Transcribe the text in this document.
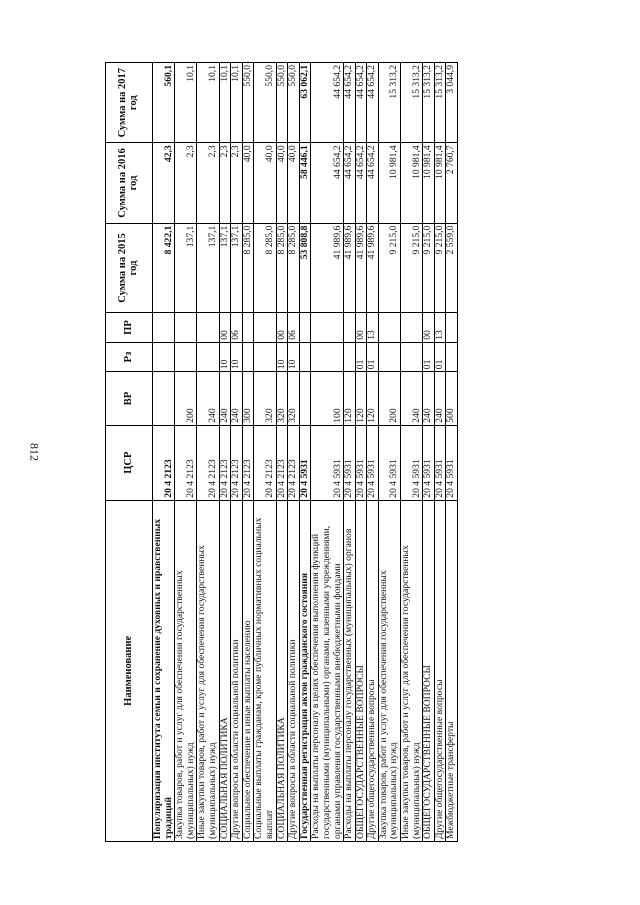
812
Наименование	ЦСР	ВР	Рз	ПР	Сумма на 2015 год	Сумма на 2016 год	Сумма на 2017 год
Популяризация института семьи и сохранение духовных и нравственных традиций	20 4 2123				8 422,1	42,3	560,1
Закупка товаров, работ и услуг для обеспечения государственных (муниципальных) нужд	20 4 2123	200			137,1	2,3	10,1
Иные закупки товаров, работ и услуг для обеспечения государственных (муниципальных) нужд	20 4 2123	240			137,1	2,3	10,1
СОЦИАЛЬНАЯ ПОЛИТИКА	20 4 2123	240	10	00	137,1	2,3	10,1
Другие вопросы в области социальной политики	20 4 2123	240	10	06	137,1	2,3	10,1
Социальное обеспечение и иные выплаты населению	20 4 2123	300			8 285,0	40,0	550,0
Социальные выплаты гражданам, кроме публичных нормативных социальных выплат	20 4 2123	320			8 285,0	40,0	550,0
СОЦИАЛЬНАЯ ПОЛИТИКА	20 4 2123	320	10	00	8 285,0	40,0	550,0
Другие вопросы в области социальной политики	20 4 2123	320	10	06	8 285,0	40,0	550,0
Государственная регистрация актов гражданского состояния	20 4 5931				53 808,8	58 446,1	63 062,1
Расходы на выплаты персоналу в целях обеспечения выполнения функций государственными (муниципальными) органами, казенными учреждениями, органами управления государственными внебюджетными фондами	20 4 5931	100			41 989,6	44 654,2	44 654,2
Расходы на выплаты персоналу государственных (муниципальных) органов	20 4 5931	120			41 989,6	44 654,2	44 654,2
ОБЩЕГОСУДАРСТВЕННЫЕ ВОПРОСЫ	20 4 5931	120	01	00	41 989,6	44 654,2	44 654,2
Другие общегосударственные вопросы	20 4 5931	120	01	13	41 989,6	44 654,2	44 654,2
Закупка товаров, работ и услуг для обеспечения государственных (муниципальных) нужд	20 4 5931	200			9 215,0	10 981,4	15 313,2
Иные закупки товаров, работ и услуг для обеспечения государственных (муниципальных) нужд	20 4 5931	240			9 215,0	10 981,4	15 313,2
ОБЩЕГОСУДАРСТВЕННЫЕ ВОПРОСЫ	20 4 5931	240	01	00	9 215,0	10 981,4	15 313,2
Другие общегосударственные вопросы	20 4 5931	240	01	13	9 215,0	10 981,4	15 313,2
Межбюджетные трансферты	20 4 5931	500			2 559,0	2 760,7	3 044,9
